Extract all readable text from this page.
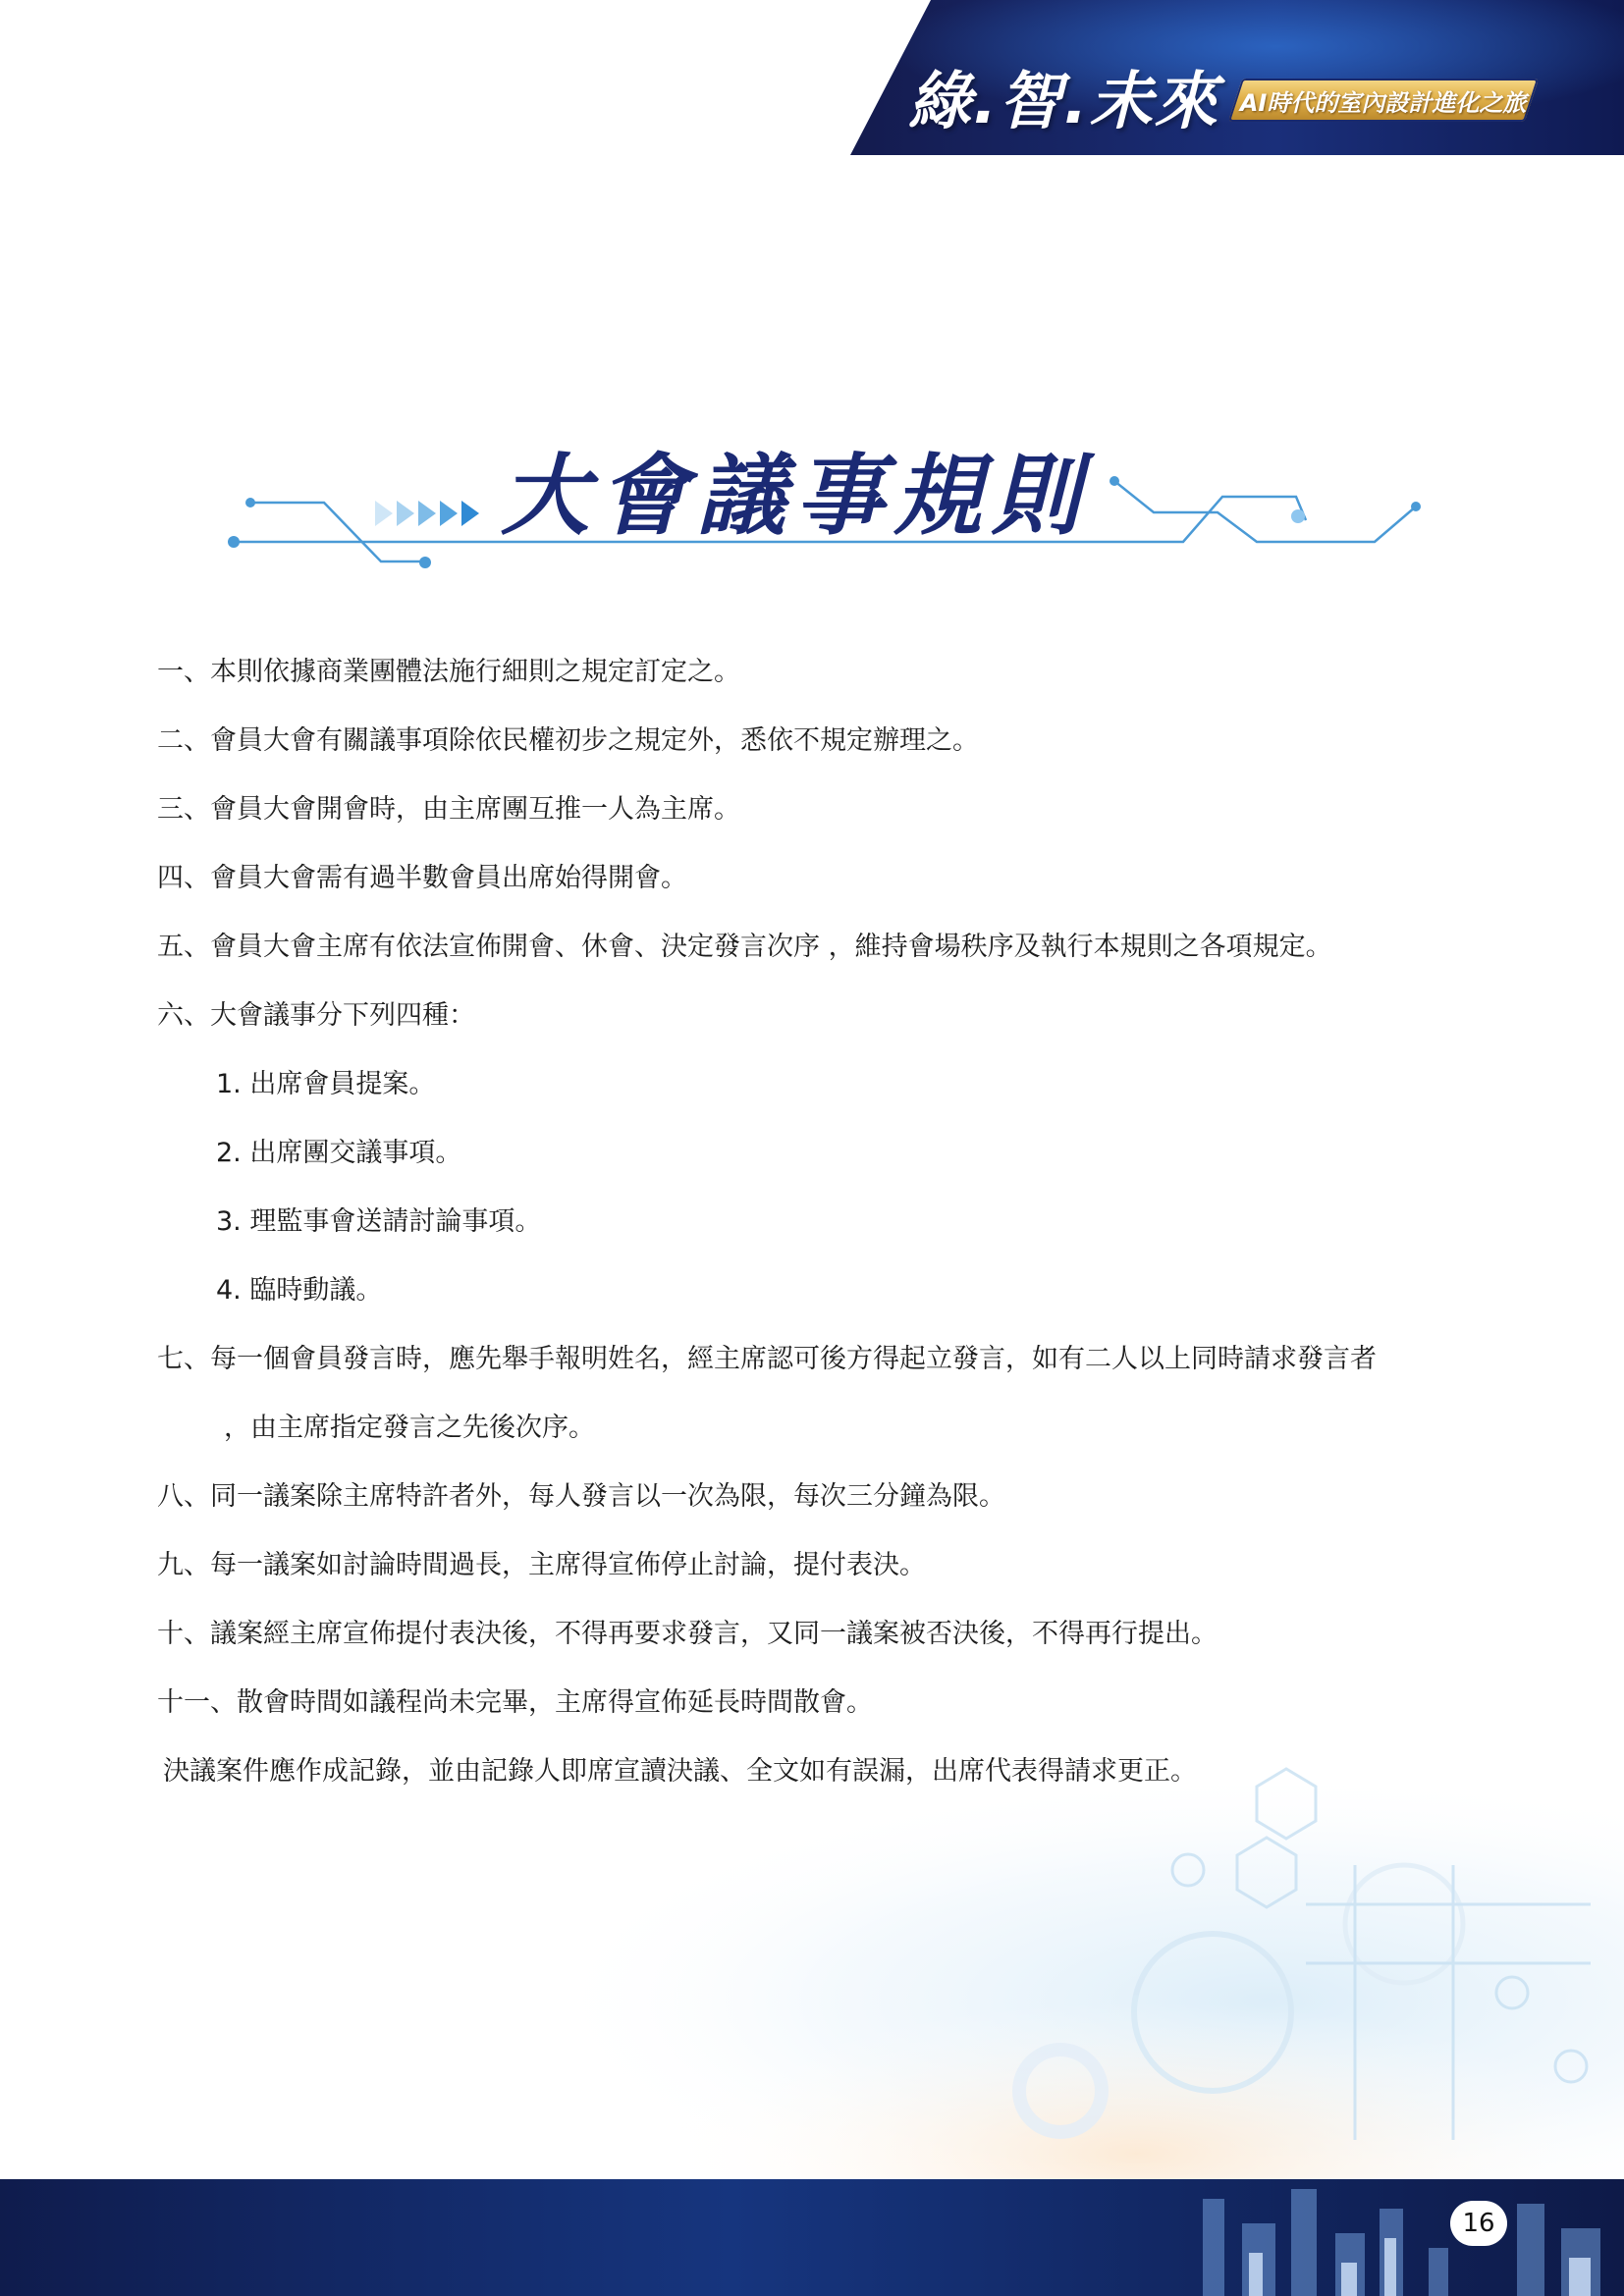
綠.智.未來 AI時代的室內設計進化之旅
大會議事規則
一、本則依據商業團體法施行細則之規定訂定之。
二、會員大會有關議事項除依民權初步之規定外，悉依不規定辦理之。
三、會員大會開會時，由主席團互推一人為主席。
四、會員大會需有過半數會員出席始得開會。
五、會員大會主席有依法宣佈開會、休會、決定發言次序 ，維持會場秩序及執行本規則之各項規定。
六、大會議事分下列四種：
1. 出席會員提案。
2. 出席團交議事項。
3. 理監事會送請討論事項。
4. 臨時動議。
七、每一個會員發言時，應先舉手報明姓名，經主席認可後方得起立發言，如有二人以上同時請求發言者
，由主席指定發言之先後次序。
八、同一議案除主席特許者外，每人發言以一次為限，每次三分鐘為限。
九、每一議案如討論時間過長，主席得宣佈停止討論，提付表決。
十、議案經主席宣佈提付表決後，不得再要求發言，又同一議案被否決後，不得再行提出。
16
